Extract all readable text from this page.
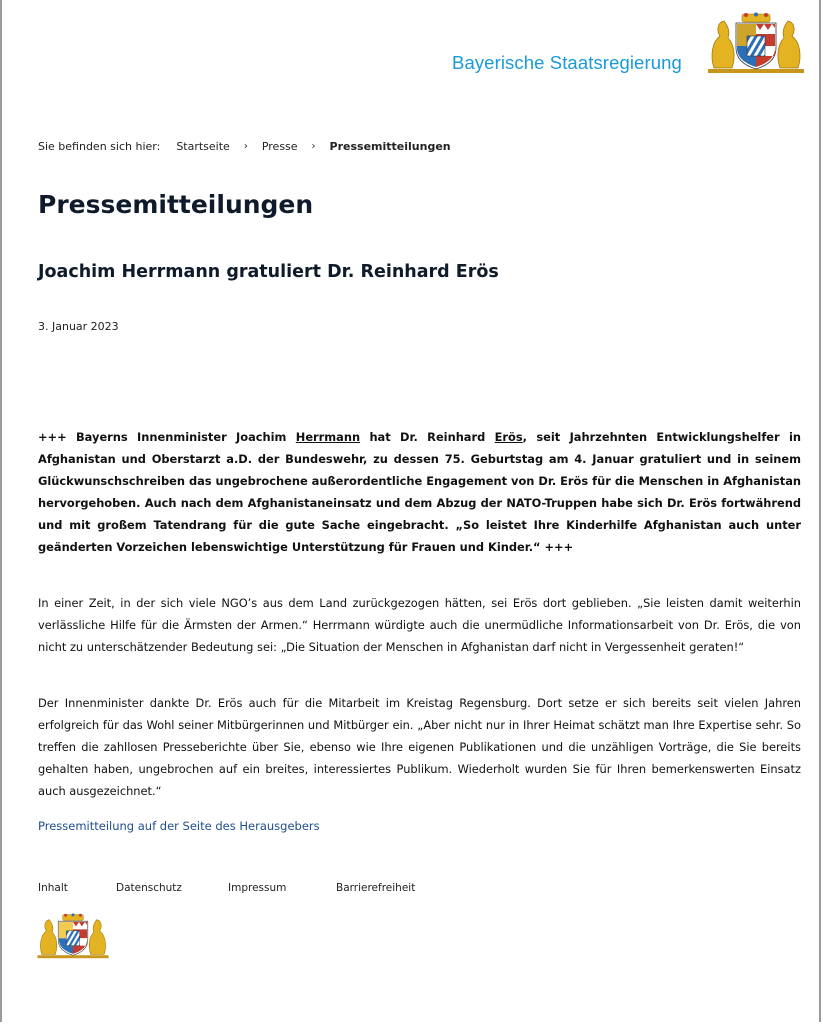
Bayerische Staatsregierung
Sie befinden sich hier: Startseite › Presse › Pressemitteilungen
Pressemitteilungen
Joachim Herrmann gratuliert Dr. Reinhard Erös
3. Januar 2023

+++ Bayerns Innenminister Joachim Herrmann hat Dr. Reinhard Erös, seit Jahrzehnten Entwicklungshelfer in Afghanistan und Oberstarzt a.D. der Bundeswehr, zu dessen 75. Geburtstag am 4. Januar gratuliert und in seinem Glückwunschschreiben das ungebrochene außerordentliche Engagement von Dr. Erös für die Menschen in Afghanistan hervorgehoben. Auch nach dem Afghanistaneinsatz und dem Abzug der NATO-Truppen habe sich Dr. Erös fortwährend und mit großem Tatendrang für die gute Sache eingebracht. „So leistet Ihre Kinderhilfe Afghanistan auch unter geänderten Vorzeichen lebenswichtige Unterstützung für Frauen und Kinder.“ +++

In einer Zeit, in der sich viele NGO’s aus dem Land zurückgezogen hätten, sei Erös dort geblieben. „Sie leisten damit weiterhin verlässliche Hilfe für die Ärmsten der Armen.“ Herrmann würdigte auch die unermüdliche Informationsarbeit von Dr. Erös, die von nicht zu unterschätzender Bedeutung sei: „Die Situation der Menschen in Afghanistan darf nicht in Vergessenheit geraten!“

Der Innenminister dankte Dr. Erös auch für die Mitarbeit im Kreistag Regensburg. Dort setze er sich bereits seit vielen Jahren erfolgreich für das Wohl seiner Mitbürgerinnen und Mitbürger ein. „Aber nicht nur in Ihrer Heimat schätzt man Ihre Expertise sehr. So treffen die zahllosen Presseberichte über Sie, ebenso wie Ihre eigenen Publikationen und die unzähligen Vorträge, die Sie bereits gehalten haben, ungebrochen auf ein breites, interessiertes Publikum. Wiederholt wurden Sie für Ihren bemerkenswerten Einsatz auch ausgezeichnet.“

Pressemitteilung auf der Seite des Herausgebers
Inhalt	Datenschutz	Impressum	Barrierefreiheit
